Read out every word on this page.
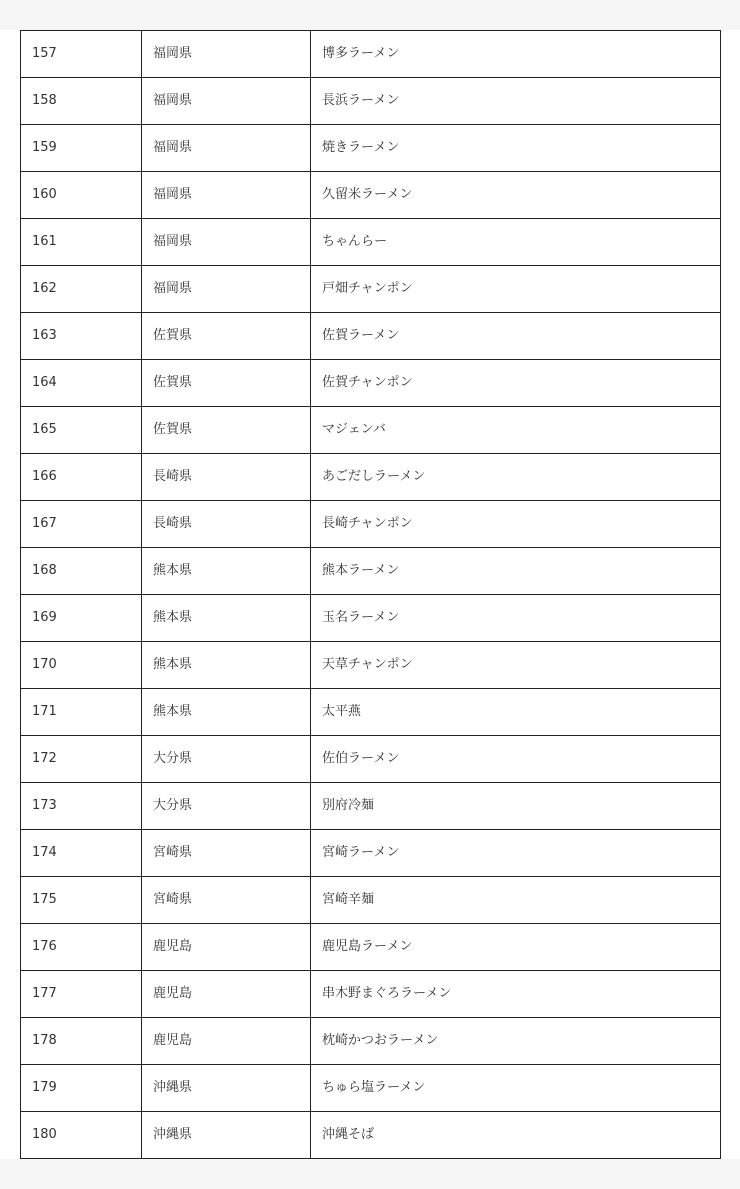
157	福岡県	博多ラーメン
158	福岡県	長浜ラーメン
159	福岡県	焼きラーメン
160	福岡県	久留米ラーメン
161	福岡県	ちゃんらー
162	福岡県	戸畑チャンポン
163	佐賀県	佐賀ラーメン
164	佐賀県	佐賀チャンポン
165	佐賀県	マジェンバ
166	長崎県	あごだしラーメン
167	長崎県	長崎チャンポン
168	熊本県	熊本ラーメン
169	熊本県	玉名ラーメン
170	熊本県	天草チャンポン
171	熊本県	太平燕
172	大分県	佐伯ラーメン
173	大分県	別府冷麺
174	宮崎県	宮崎ラーメン
175	宮崎県	宮崎辛麺
176	鹿児島	鹿児島ラーメン
177	鹿児島	串木野まぐろラーメン
178	鹿児島	枕崎かつおラーメン
179	沖縄県	ちゅら塩ラーメン
180	沖縄県	沖縄そば
